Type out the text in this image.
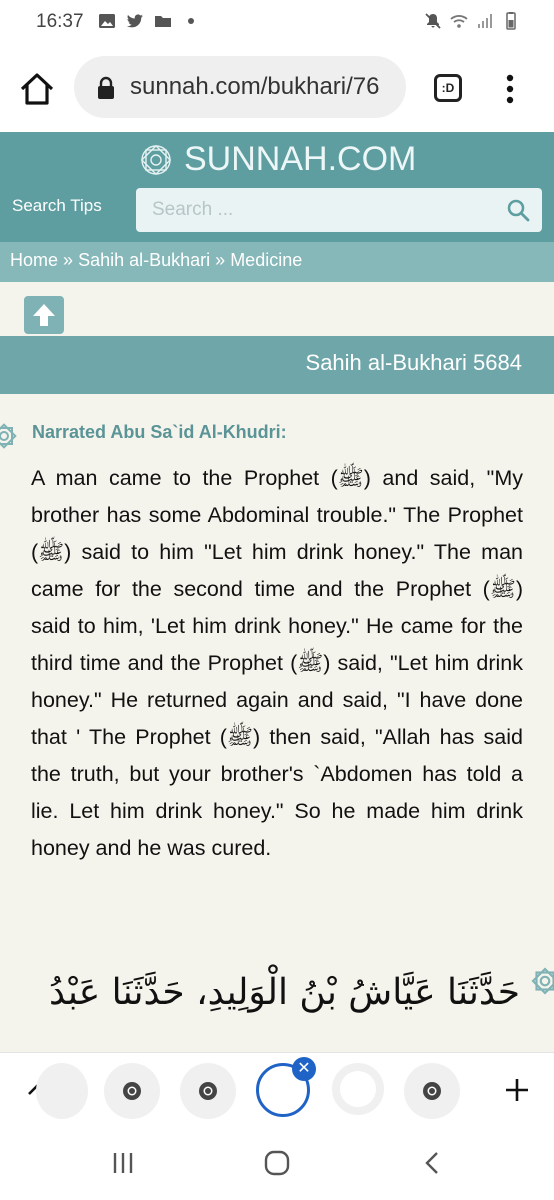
16:37
sunnah.com/bukhari/76	:D
SUNNAH.COM
Search Tips	Search ...
Home » Sahih al-Bukhari » Medicine
Sahih al-Bukhari 5684
Narrated Abu Sa`id Al-Khudri:

A man came to the Prophet (ﷺ) and said, "My brother has some Abdominal trouble." The Prophet (ﷺ) said to him "Let him drink honey." The man came for the second time and the Prophet (ﷺ) said to him, 'Let him drink honey." He came for the third time and the Prophet (ﷺ) said, "Let him drink honey." He returned again and said, "I have done that ' The Prophet (ﷺ) then said, "Allah has said the truth, but your brother's `Abdomen has told a lie. Let him drink honey." So he made him drink honey and he was cured.

حَدَّثَنَا عَيَّاشُ بْنُ الْوَلِيدِ، حَدَّثَنَا عَبْدُ

✕
